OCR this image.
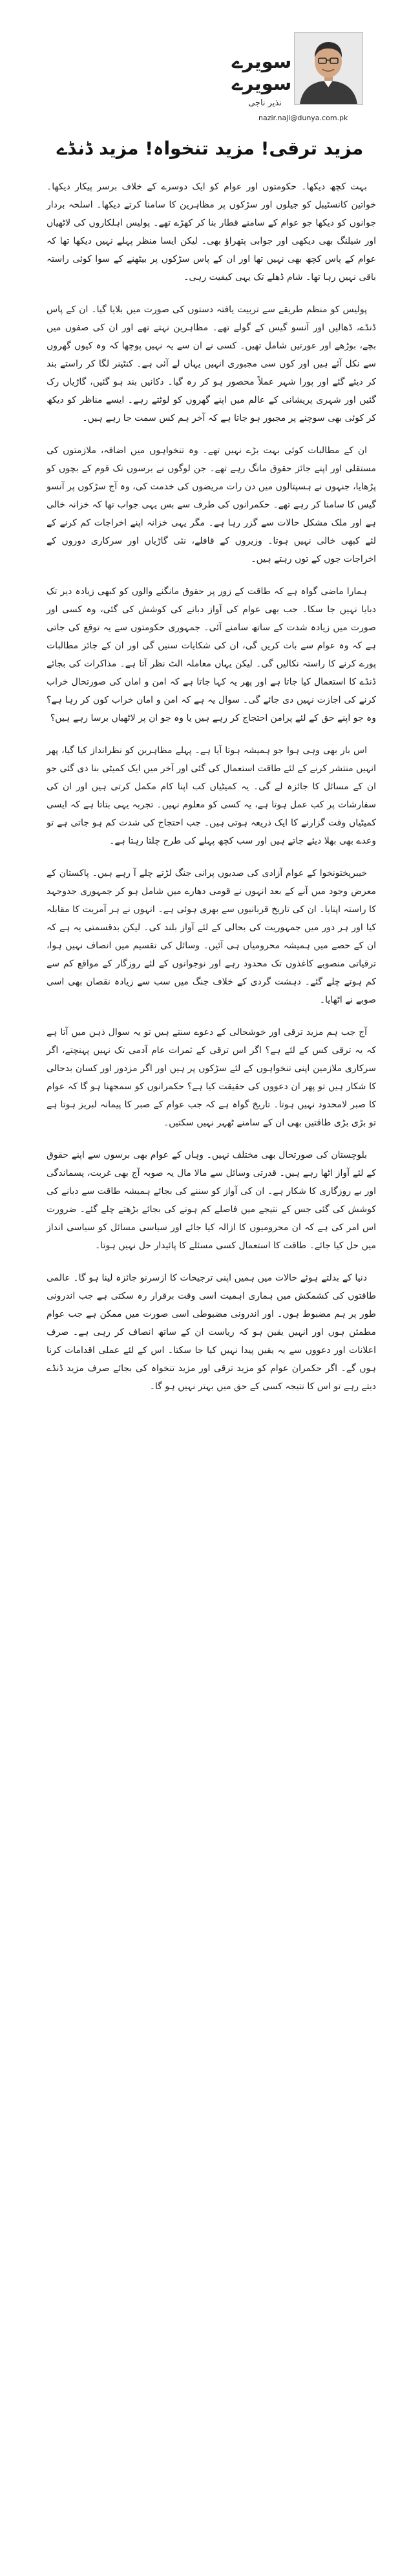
سویرے
سویرے
نذیر ناجی
nazir.naji@dunya.com.pk
مزید ترقی! مزید تنخواہ! مزید ڈنڈے

بہت کچھ دیکھا۔ حکومتوں اور عوام کو ایک دوسرے کے خلاف برسر پیکار دیکھا۔ خواتین کانسٹیبل کو جیلوں اور سڑکوں پر مظاہرین کا سامنا کرتے دیکھا۔ اسلحہ بردار جوانوں کو دیکھا جو عوام کے سامنے قطار بنا کر کھڑے تھے۔ پولیس اہلکاروں کی لاٹھیاں اور شیلنگ بھی دیکھی اور جوابی پتھراؤ بھی۔ لیکن ایسا منظر پہلے نہیں دیکھا تھا کہ عوام کے پاس کچھ بھی نہیں تھا اور ان کے پاس سڑکوں پر بیٹھنے کے سوا کوئی راستہ باقی نہیں رہا تھا۔ شام ڈھلے تک یہی کیفیت رہی۔

پولیس کو منظم طریقے سے تربیت یافتہ دستوں کی صورت میں بلایا گیا۔ ان کے پاس ڈنڈے، ڈھالیں اور آنسو گیس کے گولے تھے۔ مظاہرین نہتے تھے اور ان کی صفوں میں بچے، بوڑھے اور عورتیں شامل تھیں۔ کسی نے ان سے یہ نہیں پوچھا کہ وہ کیوں گھروں سے نکل آئے ہیں اور کون سی مجبوری انہیں یہاں لے آئی ہے۔ کنٹینر لگا کر راستے بند کر دیئے گئے اور پورا شہر عملاً محصور ہو کر رہ گیا۔ دکانیں بند ہو گئیں، گاڑیاں رک گئیں اور شہری پریشانی کے عالم میں اپنے گھروں کو لوٹتے رہے۔ ایسے مناظر کو دیکھ کر کوئی بھی سوچنے پر مجبور ہو جاتا ہے کہ آخر ہم کس سمت جا رہے ہیں۔

ان کے مطالبات کوئی بہت بڑے نہیں تھے۔ وہ تنخواہوں میں اضافہ، ملازمتوں کی مستقلی اور اپنے جائز حقوق مانگ رہے تھے۔ جن لوگوں نے برسوں تک قوم کے بچوں کو پڑھایا، جنہوں نے ہسپتالوں میں دن رات مریضوں کی خدمت کی، وہ آج سڑکوں پر آنسو گیس کا سامنا کر رہے تھے۔ حکمرانوں کی طرف سے بس یہی جواب تھا کہ خزانہ خالی ہے اور ملک مشکل حالات سے گزر رہا ہے۔ مگر یہی خزانہ اپنے اخراجات کم کرنے کے لئے کبھی خالی نہیں ہوتا۔ وزیروں کے قافلے، نئی گاڑیاں اور سرکاری دوروں کے اخراجات جوں کے توں رہتے ہیں۔

ہمارا ماضی گواہ ہے کہ طاقت کے زور پر حقوق مانگنے والوں کو کبھی زیادہ دیر تک دبایا نہیں جا سکا۔ جب بھی عوام کی آواز دبانے کی کوشش کی گئی، وہ کسی اور صورت میں زیادہ شدت کے ساتھ سامنے آئی۔ جمہوری حکومتوں سے یہ توقع کی جاتی ہے کہ وہ عوام سے بات کریں گی، ان کی شکایات سنیں گی اور ان کے جائز مطالبات پورے کرنے کا راستہ نکالیں گی۔ لیکن یہاں معاملہ الٹ نظر آتا ہے۔ مذاکرات کی بجائے ڈنڈے کا استعمال کیا جاتا ہے اور پھر یہ کہا جاتا ہے کہ امن و امان کی صورتحال خراب کرنے کی اجازت نہیں دی جائے گی۔ سوال یہ ہے کہ امن و امان خراب کون کر رہا ہے؟ وہ جو اپنے حق کے لئے پرامن احتجاج کر رہے ہیں یا وہ جو ان پر لاٹھیاں برسا رہے ہیں؟

اس بار بھی وہی ہوا جو ہمیشہ ہوتا آیا ہے۔ پہلے مظاہرین کو نظرانداز کیا گیا، پھر انہیں منتشر کرنے کے لئے طاقت استعمال کی گئی اور آخر میں ایک کمیٹی بنا دی گئی جو ان کے مسائل کا جائزہ لے گی۔ یہ کمیٹیاں کب اپنا کام مکمل کرتی ہیں اور ان کی سفارشات پر کب عمل ہوتا ہے، یہ کسی کو معلوم نہیں۔ تجربہ یہی بتاتا ہے کہ ایسی کمیٹیاں وقت گزارنے کا ایک ذریعہ ہوتی ہیں۔ جب احتجاج کی شدت کم ہو جاتی ہے تو وعدے بھی بھلا دیئے جاتے ہیں اور سب کچھ پہلے کی طرح چلتا رہتا ہے۔

خیبرپختونخوا کے عوام آزادی کی صدیوں پرانی جنگ لڑتے چلے آ رہے ہیں۔ پاکستان کے معرض وجود میں آنے کے بعد انہوں نے قومی دھارے میں شامل ہو کر جمہوری جدوجہد کا راستہ اپنایا۔ ان کی تاریخ قربانیوں سے بھری ہوئی ہے۔ انہوں نے ہر آمریت کا مقابلہ کیا اور ہر دور میں جمہوریت کی بحالی کے لئے آواز بلند کی۔ لیکن بدقسمتی یہ ہے کہ ان کے حصے میں ہمیشہ محرومیاں ہی آئیں۔ وسائل کی تقسیم میں انصاف نہیں ہوا، ترقیاتی منصوبے کاغذوں تک محدود رہے اور نوجوانوں کے لئے روزگار کے مواقع کم سے کم ہوتے چلے گئے۔ دہشت گردی کے خلاف جنگ میں سب سے زیادہ نقصان بھی اسی صوبے نے اٹھایا۔

آج جب ہم مزید ترقی اور خوشحالی کے دعوے سنتے ہیں تو یہ سوال ذہن میں آتا ہے کہ یہ ترقی کس کے لئے ہے؟ اگر اس ترقی کے ثمرات عام آدمی تک نہیں پہنچتے، اگر سرکاری ملازمین اپنی تنخواہوں کے لئے سڑکوں پر ہیں اور اگر مزدور اور کسان بدحالی کا شکار ہیں تو پھر ان دعووں کی حقیقت کیا ہے؟ حکمرانوں کو سمجھنا ہو گا کہ عوام کا صبر لامحدود نہیں ہوتا۔ تاریخ گواہ ہے کہ جب عوام کے صبر کا پیمانہ لبریز ہوتا ہے تو بڑی بڑی طاقتیں بھی ان کے سامنے ٹھہر نہیں سکتیں۔

بلوچستان کی صورتحال بھی مختلف نہیں۔ وہاں کے عوام بھی برسوں سے اپنے حقوق کے لئے آواز اٹھا رہے ہیں۔ قدرتی وسائل سے مالا مال یہ صوبہ آج بھی غربت، پسماندگی اور بے روزگاری کا شکار ہے۔ ان کی آواز کو سننے کی بجائے ہمیشہ طاقت سے دبانے کی کوشش کی گئی جس کے نتیجے میں فاصلے کم ہونے کی بجائے بڑھتے چلے گئے۔ ضرورت اس امر کی ہے کہ ان محرومیوں کا ازالہ کیا جائے اور سیاسی مسائل کو سیاسی انداز میں حل کیا جائے۔ طاقت کا استعمال کسی مسئلے کا پائیدار حل نہیں ہوتا۔

دنیا کے بدلتے ہوئے حالات میں ہمیں اپنی ترجیحات کا ازسرنو جائزہ لینا ہو گا۔ عالمی طاقتوں کی کشمکش میں ہماری اہمیت اسی وقت برقرار رہ سکتی ہے جب اندرونی طور پر ہم مضبوط ہوں۔ اور اندرونی مضبوطی اسی صورت میں ممکن ہے جب عوام مطمئن ہوں اور انہیں یقین ہو کہ ریاست ان کے ساتھ انصاف کر رہی ہے۔ صرف اعلانات اور دعووں سے یہ یقین پیدا نہیں کیا جا سکتا۔ اس کے لئے عملی اقدامات کرنا ہوں گے۔ اگر حکمران عوام کو مزید ترقی اور مزید تنخواہ کی بجائے صرف مزید ڈنڈے دیتے رہے تو اس کا نتیجہ کسی کے حق میں بہتر نہیں ہو گا۔
